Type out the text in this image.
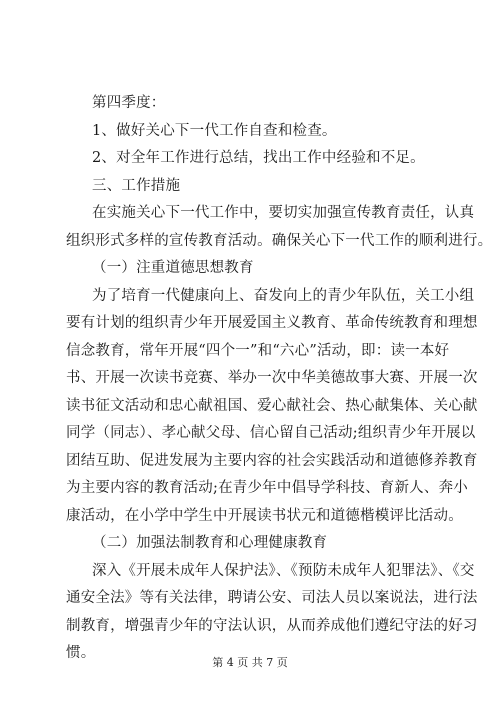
第四季度：
1、做好关心下一代工作自查和检查。
2、对全年工作进行总结，找出工作中经验和不足。
三、工作措施
在实施关心下一代工作中，要切实加强宣传教育责任，认真
组织形式多样的宣传教育活动。确保关心下一代工作的顺利进行。
（一）注重道德思想教育
为了培育一代健康向上、奋发向上的青少年队伍，关工小组
要有计划的组织青少年开展爱国主义教育、革命传统教育和理想
信念教育，常年开展“四个一”和“六心”活动，即：读一本好
书、开展一次读书竞赛、举办一次中华美德故事大赛、开展一次
读书征文活动和忠心献祖国、爱心献社会、热心献集体、关心献
同学（同志）、孝心献父母、信心留自己活动;组织青少年开展以
团结互助、促进发展为主要内容的社会实践活动和道德修养教育
为主要内容的教育活动;在青少年中倡导学科技、育新人、奔小
康活动，在小学中学生中开展读书状元和道德楷模评比活动。
（二）加强法制教育和心理健康教育
深入《开展未成年人保护法》、《预防未成年人犯罪法》、《交
通安全法》等有关法律，聘请公安、司法人员以案说法，进行法
制教育，增强青少年的守法认识，从而养成他们遵纪守法的好习
惯。
第 4 页 共 7 页
